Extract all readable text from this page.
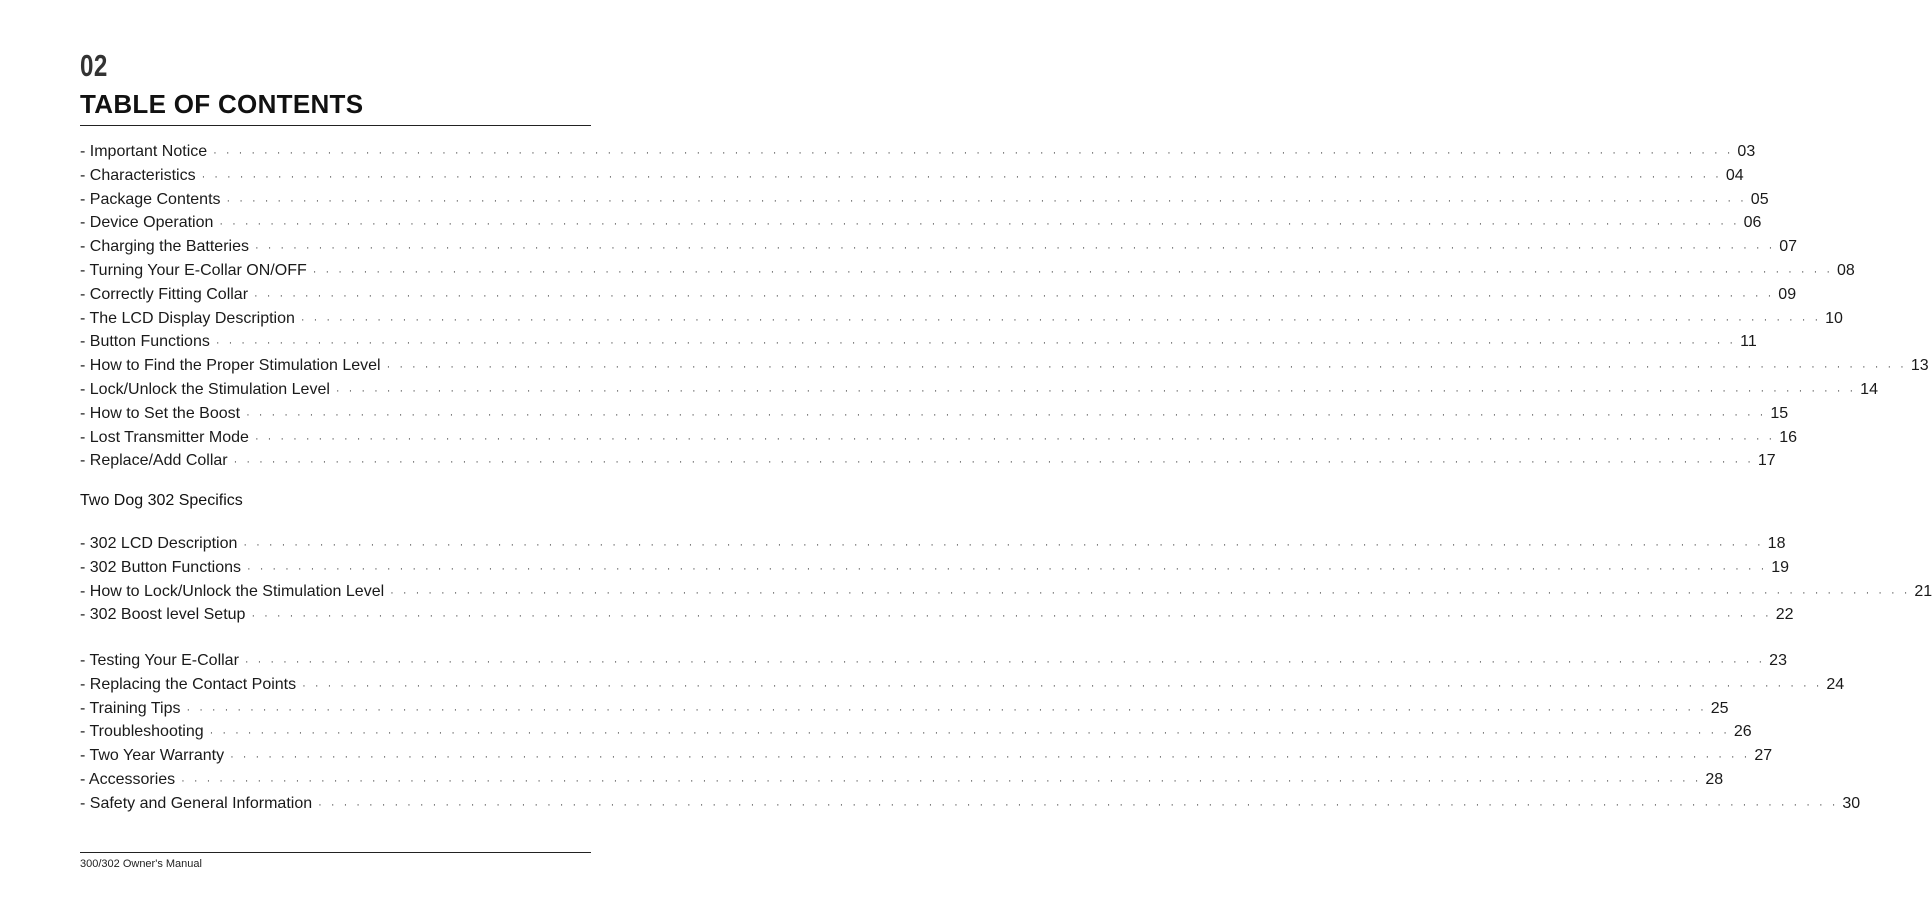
02
TABLE OF CONTENTS
- Important Notice · · · · · · · · · · · · · · · · · · · · · · · · · · · · · · · · · · · · · · · · · · · · · · · · · · · · · · · · · · · · · · · · · · · · · · · · · · · · · · · · · · · · · · · · · · · · · · · · · · · · · · · · · · · · · · · · · · · · · · · · 03
- Characteristics · · · · · · · · · · · · · · · · · · · · · · · · · · · · · · · · · · · · · · · · · · · · · · · · · · · · · · · · · · · · · · · · · · · · · · · · · · · · · · · · · · · · · · · · · · · · · · · · · · · · · · · · · · · · · · · · · · · · · · · · 04
- Package Contents · · · · · · · · · · · · · · · · · · · · · · · · · · · · · · · · · · · · · · · · · · · · · · · · · · · · · · · · · · · · · · · · · · · · · · · · · · · · · · · · · · · · · · · · · · · · · · · · · · · · · · · · · · · · · · · · · · · · · · · · 05
- Device Operation · · · · · · · · · · · · · · · · · · · · · · · · · · · · · · · · · · · · · · · · · · · · · · · · · · · · · · · · · · · · · · · · · · · · · · · · · · · · · · · · · · · · · · · · · · · · · · · · · · · · · · · · · · · · · · · · · · · · · · · · 06
- Charging the Batteries · · · · · · · · · · · · · · · · · · · · · · · · · · · · · · · · · · · · · · · · · · · · · · · · · · · · · · · · · · · · · · · · · · · · · · · · · · · · · · · · · · · · · · · · · · · · · · · · · · · · · · · · · · · · · · · · · · · · · · · · 07
- Turning Your E-Collar ON/OFF · · · · · · · · · · · · · · · · · · · · · · · · · · · · · · · · · · · · · · · · · · · · · · · · · · · · · · · · · · · · · · · · · · · · · · · · · · · · · · · · · · · · · · · · · · · · · · · · · · · · · · · · · · · · · · · · · · · · · · · · 08
- Correctly Fitting Collar · · · · · · · · · · · · · · · · · · · · · · · · · · · · · · · · · · · · · · · · · · · · · · · · · · · · · · · · · · · · · · · · · · · · · · · · · · · · · · · · · · · · · · · · · · · · · · · · · · · · · · · · · · · · · · · · · · · · · · · · 09
- The LCD Display Description · · · · · · · · · · · · · · · · · · · · · · · · · · · · · · · · · · · · · · · · · · · · · · · · · · · · · · · · · · · · · · · · · · · · · · · · · · · · · · · · · · · · · · · · · · · · · · · · · · · · · · · · · · · · · · · · · · · · · · · · 10
- Button Functions · · · · · · · · · · · · · · · · · · · · · · · · · · · · · · · · · · · · · · · · · · · · · · · · · · · · · · · · · · · · · · · · · · · · · · · · · · · · · · · · · · · · · · · · · · · · · · · · · · · · · · · · · · · · · · · · · · · · · · · · 11
- How to Find the Proper Stimulation Level · · · · · · · · · · · · · · · · · · · · · · · · · · · · · · · · · · · · · · · · · · · · · · · · · · · · · · · · · · · · · · · · · · · · · · · · · · · · · · · · · · · · · · · · · · · · · · · · · · · · · · · · · · · · · · · · · · · · · · · · 13
- Lock/Unlock the Stimulation Level · · · · · · · · · · · · · · · · · · · · · · · · · · · · · · · · · · · · · · · · · · · · · · · · · · · · · · · · · · · · · · · · · · · · · · · · · · · · · · · · · · · · · · · · · · · · · · · · · · · · · · · · · · · · · · · · · · · · · · · · 14
- How to Set the Boost · · · · · · · · · · · · · · · · · · · · · · · · · · · · · · · · · · · · · · · · · · · · · · · · · · · · · · · · · · · · · · · · · · · · · · · · · · · · · · · · · · · · · · · · · · · · · · · · · · · · · · · · · · · · · · · · · · · · · · · · 15
- Lost Transmitter Mode · · · · · · · · · · · · · · · · · · · · · · · · · · · · · · · · · · · · · · · · · · · · · · · · · · · · · · · · · · · · · · · · · · · · · · · · · · · · · · · · · · · · · · · · · · · · · · · · · · · · · · · · · · · · · · · · · · · · · · · · 16
- Replace/Add Collar · · · · · · · · · · · · · · · · · · · · · · · · · · · · · · · · · · · · · · · · · · · · · · · · · · · · · · · · · · · · · · · · · · · · · · · · · · · · · · · · · · · · · · · · · · · · · · · · · · · · · · · · · · · · · · · · · · · · · · · · 17
Two Dog 302 Specifics
- 302 LCD Description · · · · · · · · · · · · · · · · · · · · · · · · · · · · · · · · · · · · · · · · · · · · · · · · · · · · · · · · · · · · · · · · · · · · · · · · · · · · · · · · · · · · · · · · · · · · · · · · · · · · · · · · · · · · · · · · · · · · · · · · 18
- 302 Button Functions · · · · · · · · · · · · · · · · · · · · · · · · · · · · · · · · · · · · · · · · · · · · · · · · · · · · · · · · · · · · · · · · · · · · · · · · · · · · · · · · · · · · · · · · · · · · · · · · · · · · · · · · · · · · · · · · · · · · · · · · 19
- How to Lock/Unlock the Stimulation Level · · · · · · · · · · · · · · · · · · · · · · · · · · · · · · · · · · · · · · · · · · · · · · · · · · · · · · · · · · · · · · · · · · · · · · · · · · · · · · · · · · · · · · · · · · · · · · · · · · · · · · · · · · · · · · · · · · · · · · · · 21
- 302 Boost level Setup · · · · · · · · · · · · · · · · · · · · · · · · · · · · · · · · · · · · · · · · · · · · · · · · · · · · · · · · · · · · · · · · · · · · · · · · · · · · · · · · · · · · · · · · · · · · · · · · · · · · · · · · · · · · · · · · · · · · · · · · 22
- Testing Your E-Collar · · · · · · · · · · · · · · · · · · · · · · · · · · · · · · · · · · · · · · · · · · · · · · · · · · · · · · · · · · · · · · · · · · · · · · · · · · · · · · · · · · · · · · · · · · · · · · · · · · · · · · · · · · · · · · · · · · · · · · · · 23
- Replacing the Contact Points · · · · · · · · · · · · · · · · · · · · · · · · · · · · · · · · · · · · · · · · · · · · · · · · · · · · · · · · · · · · · · · · · · · · · · · · · · · · · · · · · · · · · · · · · · · · · · · · · · · · · · · · · · · · · · · · · · · · · · · · 24
- Training Tips · · · · · · · · · · · · · · · · · · · · · · · · · · · · · · · · · · · · · · · · · · · · · · · · · · · · · · · · · · · · · · · · · · · · · · · · · · · · · · · · · · · · · · · · · · · · · · · · · · · · · · · · · · · · · · · · · · · · · · · · 25
- Troubleshooting · · · · · · · · · · · · · · · · · · · · · · · · · · · · · · · · · · · · · · · · · · · · · · · · · · · · · · · · · · · · · · · · · · · · · · · · · · · · · · · · · · · · · · · · · · · · · · · · · · · · · · · · · · · · · · · · · · · · · · · · 26
- Two Year Warranty · · · · · · · · · · · · · · · · · · · · · · · · · · · · · · · · · · · · · · · · · · · · · · · · · · · · · · · · · · · · · · · · · · · · · · · · · · · · · · · · · · · · · · · · · · · · · · · · · · · · · · · · · · · · · · · · · · · · · · · · 27
- Accessories · · · · · · · · · · · · · · · · · · · · · · · · · · · · · · · · · · · · · · · · · · · · · · · · · · · · · · · · · · · · · · · · · · · · · · · · · · · · · · · · · · · · · · · · · · · · · · · · · · · · · · · · · · · · · · · · · · · · · · · · 28
- Safety and General Information · · · · · · · · · · · · · · · · · · · · · · · · · · · · · · · · · · · · · · · · · · · · · · · · · · · · · · · · · · · · · · · · · · · · · · · · · · · · · · · · · · · · · · · · · · · · · · · · · · · · · · · · · · · · · · · · · · · · · · · · 30
300/302 Owner's Manual
